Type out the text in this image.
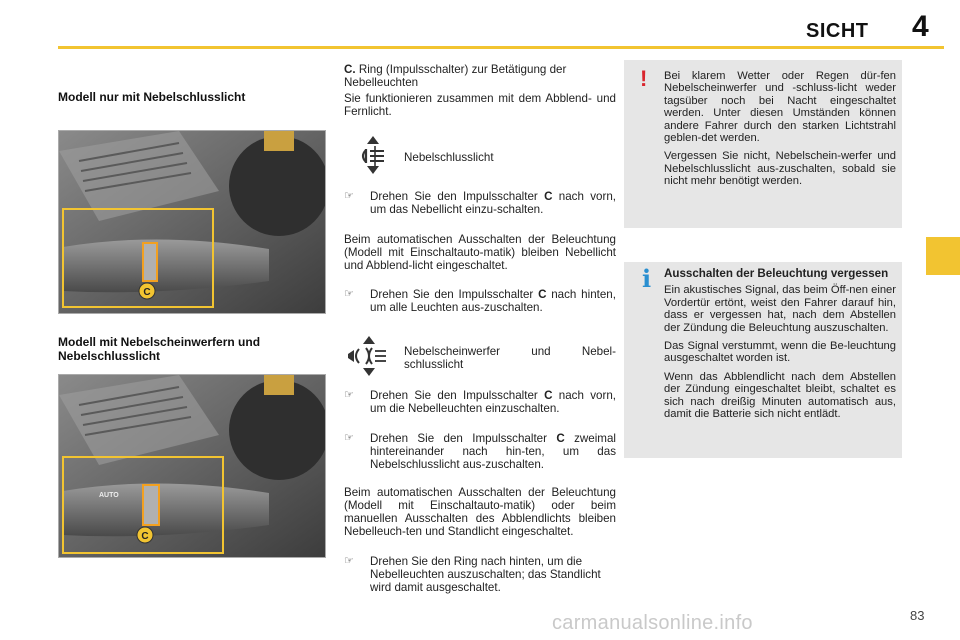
SICHT 4
Modell nur mit Nebelschlusslicht
C
Modell mit Nebelscheinwerfern und Nebelschlusslicht
AUTO
C
C. Ring (Impulsschalter) zur Betätigung der Nebelleuchten
Sie funktionieren zusammen mit dem Abblend- und Fernlicht.
Nebelschlusslicht
☞	Drehen Sie den Impulsschalter C nach vorn, um das Nebellicht einzu-schalten.
Beim automatischen Ausschalten der Beleuchtung (Modell mit Einschaltauto-matik) bleiben Nebellicht und Abblend-licht eingeschaltet.
☞	Drehen Sie den Impulsschalter C nach hinten, um alle Leuchten aus-zuschalten.
Nebelscheinwerfer und Nebel-schlusslicht
☞	Drehen Sie den Impulsschalter C nach vorn, um die Nebelleuchten einzuschalten.
☞	Drehen Sie den Impulsschalter C zweimal hintereinander nach hin-ten, um das Nebelschlusslicht aus-zuschalten.
Beim automatischen Ausschalten der Beleuchtung (Modell mit Einschaltauto-matik) oder beim manuellen Ausschalten des Abblendlichts bleiben Nebelleuch-ten und Standlicht eingeschaltet.
☞	Drehen Sie den Ring nach hinten, um die Nebelleuchten auszuschalten; das Standlicht wird damit ausgeschaltet.
! Bei klarem Wetter oder Regen dür-fen Nebelscheinwerfer und -schluss-licht weder tagsüber noch bei Nacht eingeschaltet werden. Unter diesen Umständen können andere Fahrer durch den starken Lichtstrahl geblen-det werden.

Vergessen Sie nicht, Nebelschein-werfer und Nebelschlusslicht aus-zuschalten, sobald sie nicht mehr benötigt werden.

i Ausschalten der Beleuchtung vergessen

Ein akustisches Signal, das beim Öff-nen einer Vordertür ertönt, weist den Fahrer darauf hin, dass er vergessen hat, nach dem Abstellen der Zündung die Beleuchtung auszuschalten.

Das Signal verstummt, wenn die Be-leuchtung ausgeschaltet worden ist.

Wenn das Abblendlicht nach dem Abstellen der Zündung eingeschaltet bleibt, schaltet es sich nach dreißig Minuten automatisch aus, damit die Batterie sich nicht entlädt.

carmanualsonline.info	83
